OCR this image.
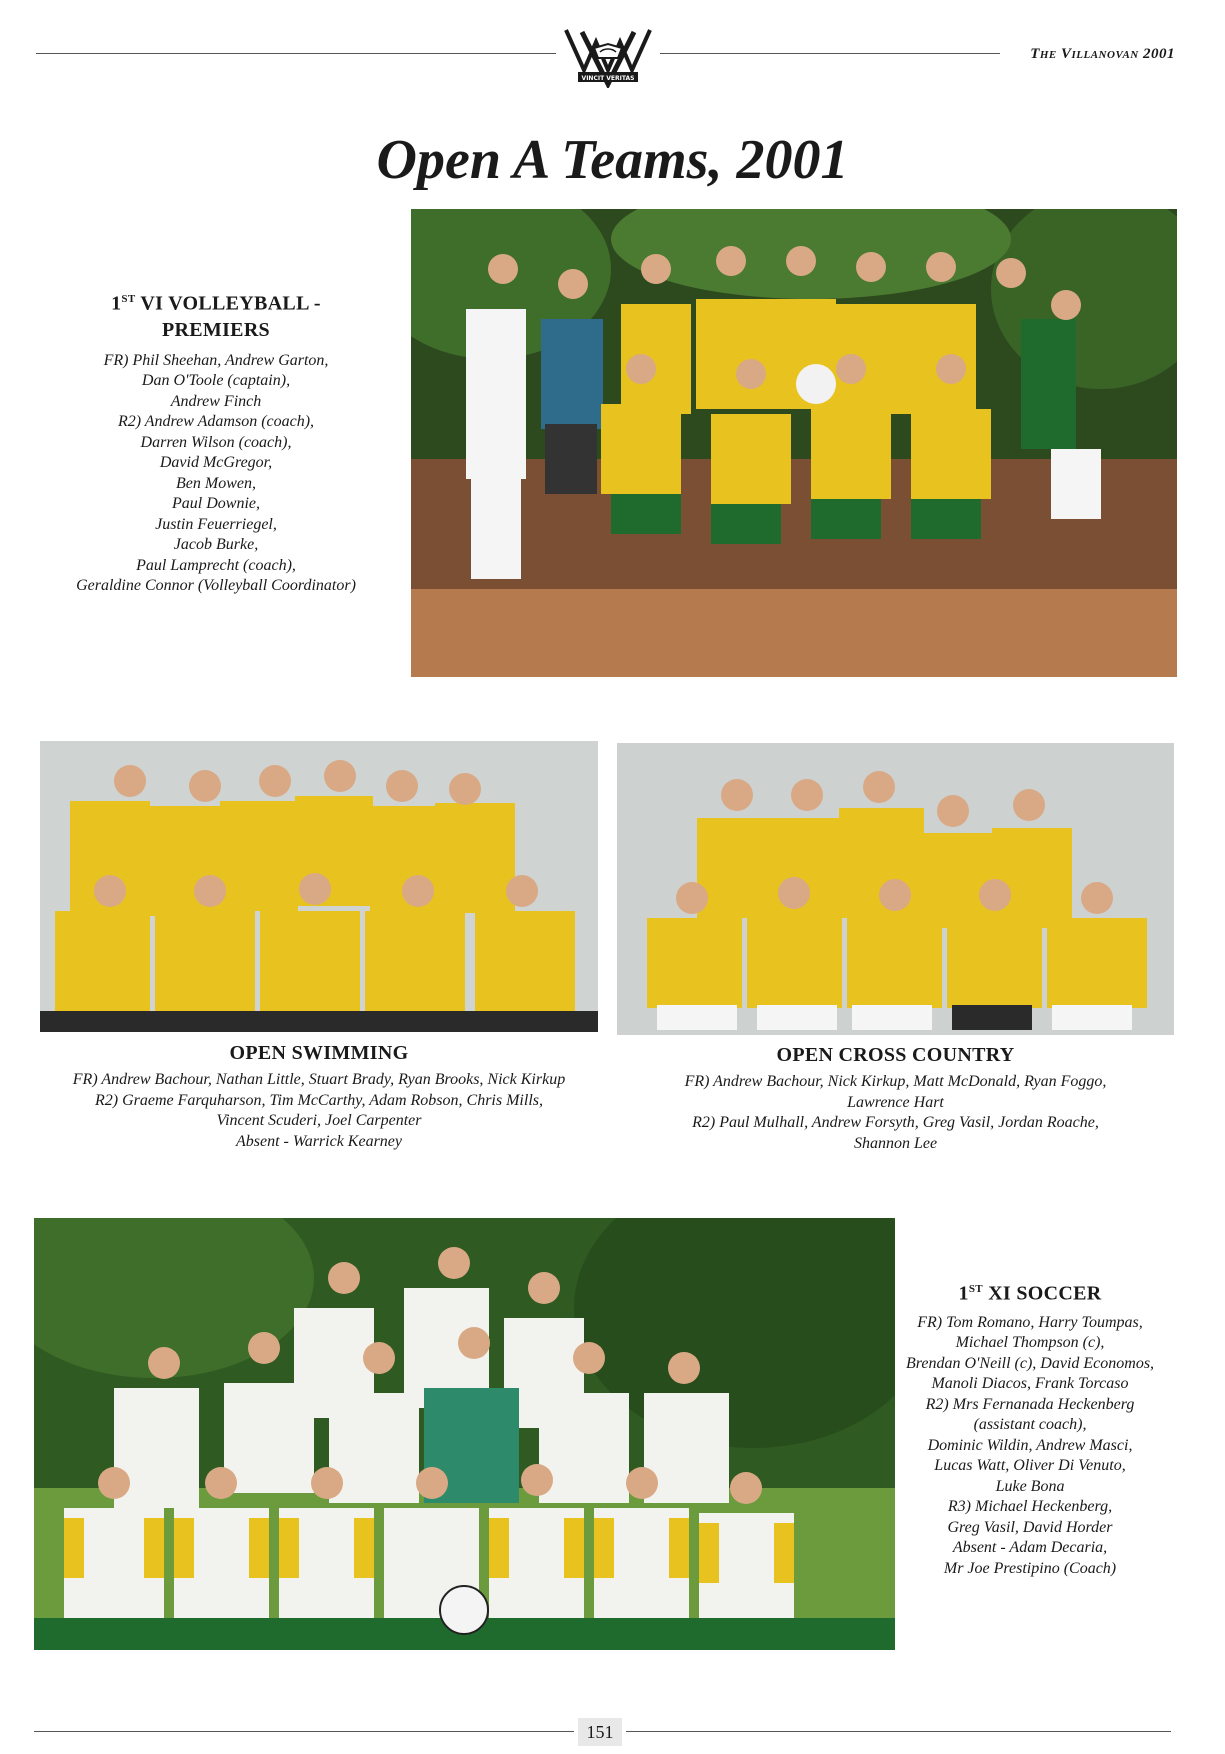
The Villanovan 2001
VINCIT VERITAS
Open A Teams, 2001
1ST VI VOLLEYBALL -
PREMIERS
FR) Phil Sheehan, Andrew Garton,
Dan O'Toole (captain),
Andrew Finch
R2) Andrew Adamson (coach),
Darren Wilson (coach),
David McGregor,
Ben Mowen,
Paul Downie,
Justin Feuerriegel,
Jacob Burke,
Paul Lamprecht (coach),
Geraldine Connor (Volleyball Coordinator)
OPEN SWIMMING
FR) Andrew Bachour, Nathan Little, Stuart Brady, Ryan Brooks, Nick Kirkup
R2) Graeme Farquharson, Tim McCarthy, Adam Robson, Chris Mills,
Vincent Scuderi, Joel Carpenter
Absent - Warrick Kearney
OPEN CROSS COUNTRY
FR) Andrew Bachour, Nick Kirkup, Matt McDonald, Ryan Foggo,
Lawrence Hart
R2) Paul Mulhall, Andrew Forsyth, Greg Vasil, Jordan Roache,
Shannon Lee
1ST XI SOCCER
FR) Tom Romano, Harry Toumpas,
Michael Thompson (c),
Brendan O'Neill (c), David Economos,
Manoli Diacos, Frank Torcaso
R2) Mrs Fernanada Heckenberg
(assistant coach),
Dominic Wildin, Andrew Masci,
Lucas Watt, Oliver Di Venuto,
Luke Bona
R3) Michael Heckenberg,
Greg Vasil, David Horder
Absent - Adam Decaria,
Mr Joe Prestipino (Coach)
151
